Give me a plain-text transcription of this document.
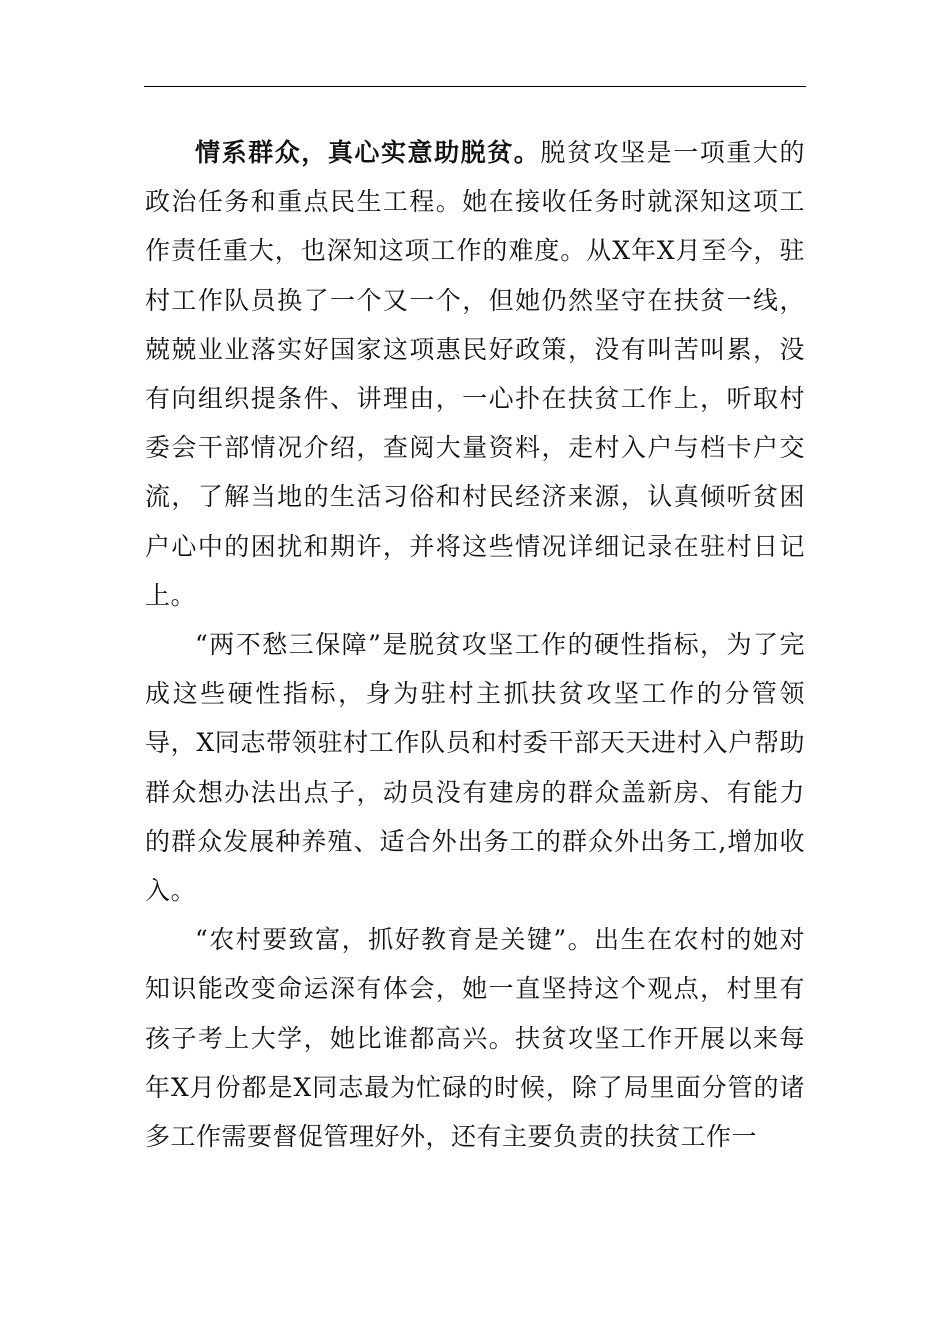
情系群众，真心实意助脱贫。脱贫攻坚是一项重大的政治任务和重点民生工程。她在接收任务时就深知这项工作责任重大，也深知这项工作的难度。从X年X月至今，驻村工作队员换了一个又一个，但她仍然坚守在扶贫一线，兢兢业业落实好国家这项惠民好政策，没有叫苦叫累，没有向组织提条件、讲理由，一心扑在扶贫工作上，听取村委会干部情况介绍，查阅大量资料，走村入户与档卡户交流，了解当地的生活习俗和村民经济来源，认真倾听贫困户心中的困扰和期许，并将这些情况详细记录在驻村日记上。

“两不愁三保障”是脱贫攻坚工作的硬性指标，为了完成这些硬性指标，身为驻村主抓扶贫攻坚工作的分管领导，X同志带领驻村工作队员和村委干部天天进村入户帮助群众想办法出点子，动员没有建房的群众盖新房、有能力的群众发展种养殖、适合外出务工的群众外出务工,增加收入。

“农村要致富，抓好教育是关键”。出生在农村的她对知识能改变命运深有体会，她一直坚持这个观点，村里有孩子考上大学，她比谁都高兴。扶贫攻坚工作开展以来每年X月份都是X同志最为忙碌的时候，除了局里面分管的诸多工作需要督促管理好外，还有主要负责的扶贫工作一
